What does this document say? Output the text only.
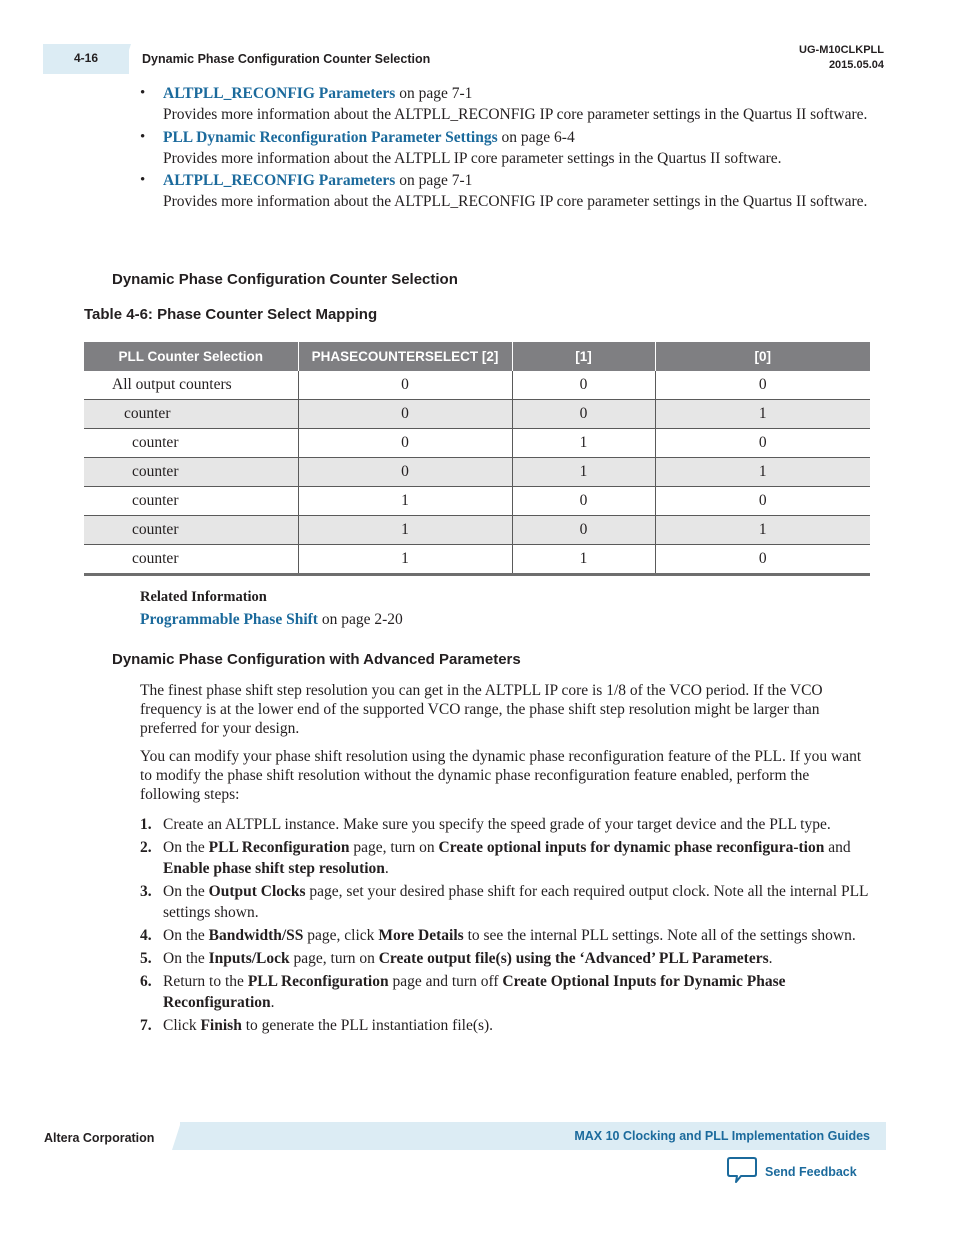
4-16	Dynamic Phase Configuration Counter Selection
UG-M10CLKPLL
2015.05.04
• ALTPLL_RECONFIG Parameters on page 7-1
Provides more information about the ALTPLL_RECONFIG IP core parameter settings in the Quartus II software.
• PLL Dynamic Reconfiguration Parameter Settings on page 6-4
Provides more information about the ALTPLL IP core parameter settings in the Quartus II software.
• ALTPLL_RECONFIG Parameters on page 7-1
Provides more information about the ALTPLL_RECONFIG IP core parameter settings in the Quartus II software.
Dynamic Phase Configuration Counter Selection
Table 4-6: Phase Counter Select Mapping
PLL Counter Selection	PHASECOUNTERSELECT [2]	[1]	[0]
All output counters	0	0	0
counter	0	0	1
counter	0	1	0
counter	0	1	1
counter	1	0	0
counter	1	0	1
counter	1	1	0
Related Information
Programmable Phase Shift on page 2-20
Dynamic Phase Configuration with Advanced Parameters
The finest phase shift step resolution you can get in the ALTPLL IP core is 1/8 of the VCO period. If the VCO frequency is at the lower end of the supported VCO range, the phase shift step resolution might be larger than preferred for your design.
You can modify your phase shift resolution using the dynamic phase reconfiguration feature of the PLL. If you want to modify the phase shift resolution without the dynamic phase reconfiguration feature enabled, perform the following steps:
1. Create an ALTPLL instance. Make sure you specify the speed grade of your target device and the PLL type.
2. On the PLL Reconfiguration page, turn on Create optional inputs for dynamic phase reconfigura-tion and Enable phase shift step resolution.
3. On the Output Clocks page, set your desired phase shift for each required output clock. Note all the internal PLL settings shown.
4. On the Bandwidth/SS page, click More Details to see the internal PLL settings. Note all of the settings shown.
5. On the Inputs/Lock page, turn on Create output file(s) using the ‘Advanced’ PLL Parameters.
6. Return to the PLL Reconfiguration page and turn off Create Optional Inputs for Dynamic Phase Reconfiguration.
7. Click Finish to generate the PLL instantiation file(s).
Altera Corporation	MAX 10 Clocking and PLL Implementation Guides
Send Feedback
